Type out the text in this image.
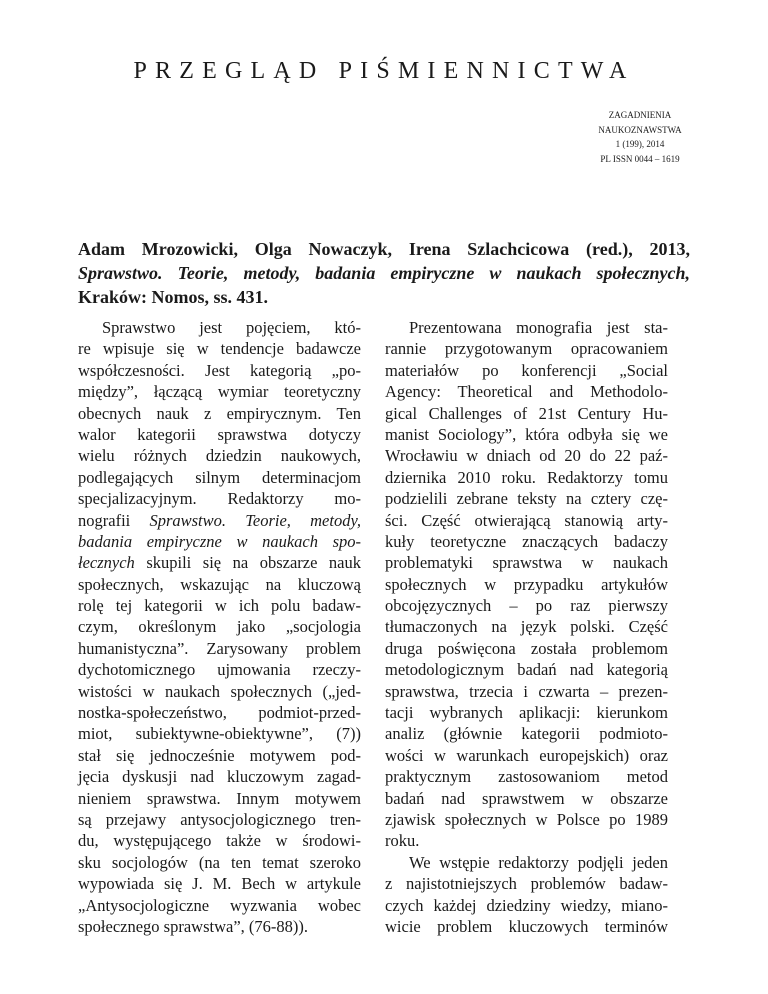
PRZEGLĄD PIŚMIENNICTWA
ZAGADNIENIA
NAUKOZNAWSTWA
1 (199), 2014
PL ISSN 0044 – 1619
Adam Mrozowicki, Olga Nowaczyk, Irena Szlachcicowa (red.), 2013,
Sprawstwo. Teorie, metody, badania empiryczne w naukach społecznych,
Kraków: Nomos, ss. 431.
Sprawstwo jest pojęciem, któ-
re wpisuje się w tendencje badawcze
współczesności. Jest kategorią „po-
między”, łączącą wymiar teoretyczny
obecnych nauk z empirycznym. Ten
walor kategorii sprawstwa dotyczy
wielu różnych dziedzin naukowych,
podlegających silnym determinacjom
specjalizacyjnym. Redaktorzy mo-
nografii Sprawstwo. Teorie, metody,
badania empiryczne w naukach spo-
łecznych skupili się na obszarze nauk
społecznych, wskazując na kluczową
rolę tej kategorii w ich polu badaw-
czym, określonym jako „socjologia
humanistyczna”. Zarysowany problem
dychotomicznego ujmowania rzeczy-
wistości w naukach społecznych („jed-
nostka-społeczeństwo, podmiot-przed-
miot, subiektywne-obiektywne”, (7))
stał się jednocześnie motywem pod-
jęcia dyskusji nad kluczowym zagad-
nieniem sprawstwa. Innym motywem
są przejawy antysocjologicznego tren-
du, występującego także w środowi-
sku socjologów (na ten temat szeroko
wypowiada się J. M. Bech w artykule
„Antysocjologiczne wyzwania wobec
społecznego sprawstwa”, (76-88)).
Prezentowana monografia jest sta-
rannie przygotowanym opracowaniem
materiałów po konferencji „Social
Agency: Theoretical and Methodolo-
gical Challenges of 21st Century Hu-
manist Sociology”, która odbyła się we
Wrocławiu w dniach od 20 do 22 paź-
dziernika 2010 roku. Redaktorzy tomu
podzielili zebrane teksty na cztery czę-
ści. Część otwierającą stanowią arty-
kuły teoretyczne znaczących badaczy
problematyki sprawstwa w naukach
społecznych w przypadku artykułów
obcojęzycznych – po raz pierwszy
tłumaczonych na język polski. Część
druga poświęcona została problemom
metodologicznym badań nad kategorią
sprawstwa, trzecia i czwarta – prezen-
tacji wybranych aplikacji: kierunkom
analiz (głównie kategorii podmioto-
wości w warunkach europejskich) oraz
praktycznym zastosowaniom metod
badań nad sprawstwem w obszarze
zjawisk społecznych w Polsce po 1989
roku.
We wstępie redaktorzy podjęli jeden
z najistotniejszych problemów badaw-
czych każdej dziedziny wiedzy, miano-
wicie problem kluczowych terminów
